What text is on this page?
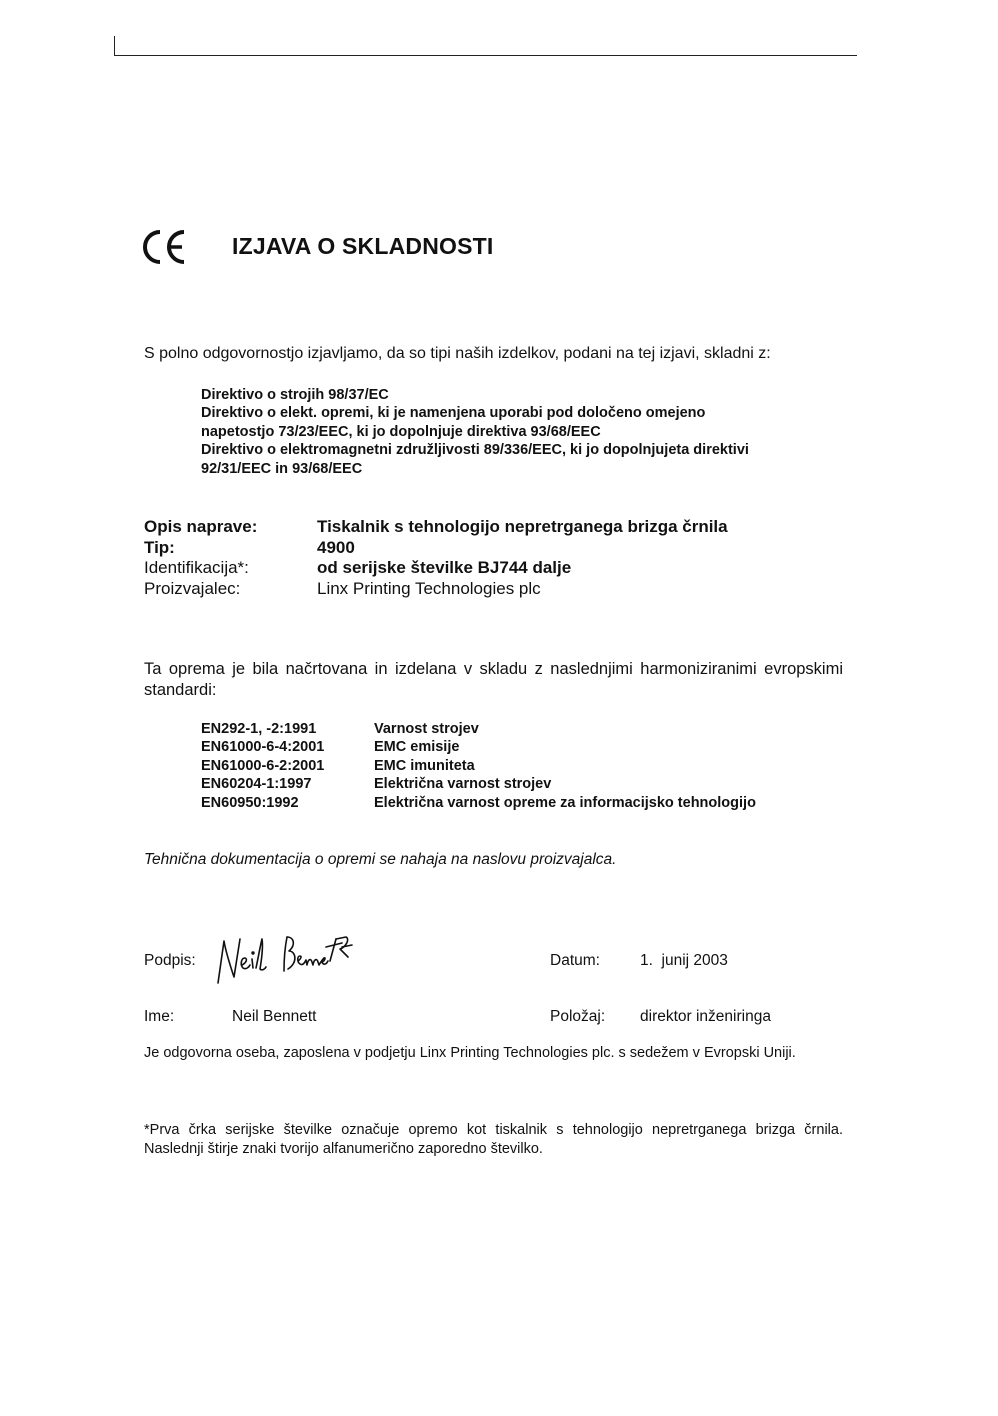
IZJAVA O SKLADNOSTI
S polno odgovornostjo izjavljamo, da so tipi naših izdelkov, podani na tej izjavi, skladni z:
Direktivo o strojih 98/37/EC
Direktivo o elekt. opremi, ki je namenjena uporabi pod določeno omejeno
napetostjo 73/23/EEC, ki jo dopolnjuje direktiva 93/68/EEC
Direktivo o elektromagnetni združljivosti 89/336/EEC, ki jo dopolnjujeta direktivi
92/31/EEC in 93/68/EEC
Opis naprave:	Tiskalnik s tehnologijo nepretrganega brizga črnila
Tip:	4900
Identifikacija*:	od serijske številke BJ744 dalje
Proizvajalec:	Linx Printing Technologies plc
Ta oprema je bila načrtovana in izdelana v skladu z naslednjimi harmoniziranimi evropskimi standardi:
EN292-1, -2:1991	Varnost strojev
EN61000-6-4:2001	EMC emisije
EN61000-6-2:2001	EMC imuniteta
EN60204-1:1997	Električna varnost strojev
EN60950:1992	Električna varnost opreme za informacijsko tehnologijo
Tehnična dokumentacija o opremi se nahaja na naslovu proizvajalca.
Podpis:	Datum:	1.  junij 2003
Ime:	Neil Bennett	Položaj: direktor inženiringa
Je odgovorna oseba, zaposlena v podjetju Linx Printing Technologies plc. s sedežem v Evropski Uniji.
*Prva črka serijske številke označuje opremo kot tiskalnik s tehnologijo nepretrganega brizga črnila. Naslednji štirje znaki tvorijo alfanumerično zaporedno številko.
